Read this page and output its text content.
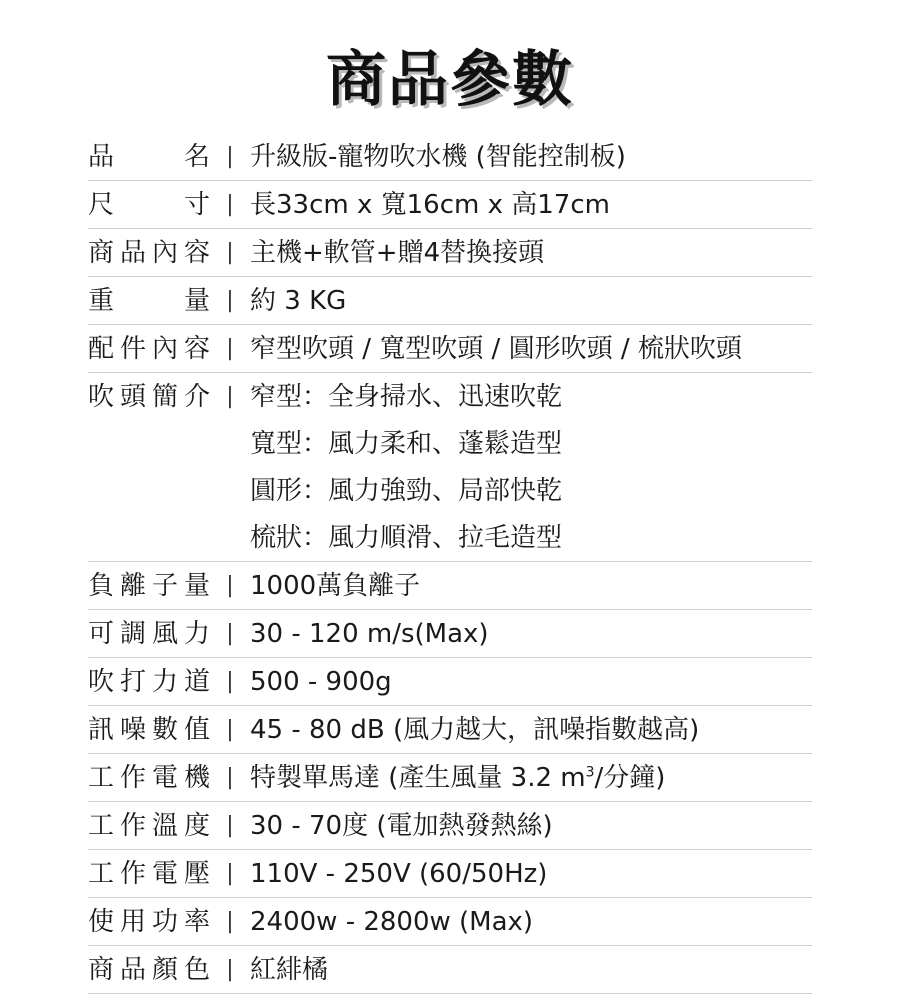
商品參數
品　　名 | 升級版-寵物吹水機 (智能控制板)
尺　　寸 | 長33cm x 寬16cm x 高17cm
商品內容 | 主機+軟管+贈4替換接頭
重　　量 | 約 3 KG
配件內容 | 窄型吹頭 / 寬型吹頭 / 圓形吹頭 / 梳狀吹頭
吹頭簡介 | 窄型：全身掃水、迅速吹乾
寬型：風力柔和、蓬鬆造型
圓形：風力強勁、局部快乾
梳狀：風力順滑、拉毛造型
負離子量 | 1000萬負離子
可調風力 | 30 - 120 m/s(Max)
吹打力道 | 500 - 900g
訊噪數值 | 45 - 80 dB (風力越大，訊噪指數越高)
工作電機 | 特製單馬達 (產生風量 3.2 $m^3/$分鐘)
工作溫度 | 30 - 70度 (電加熱發熱絲)
工作電壓 | 110V - 250V (60/50Hz)
使用功率 | 2400w - 2800w (Max)
商品顏色 | 紅緋橘
